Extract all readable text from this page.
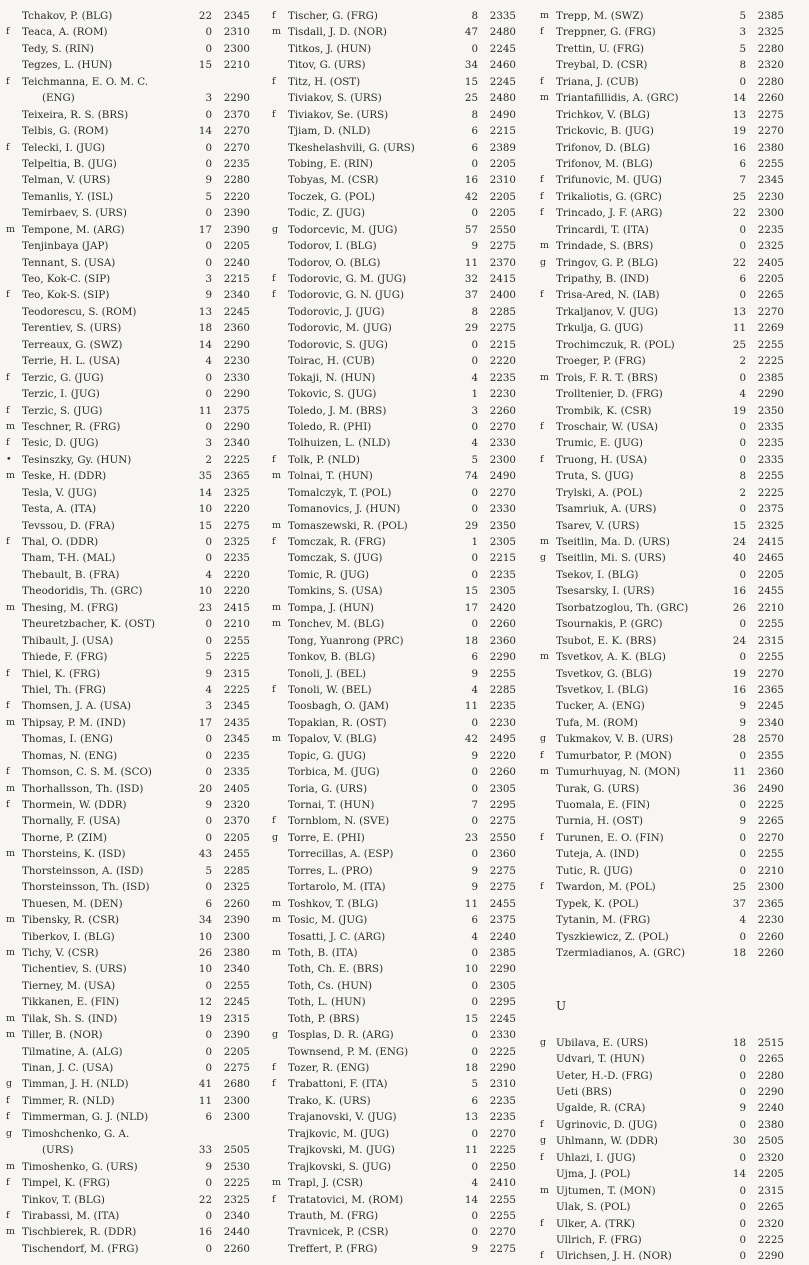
Tchakov, P. (BLG)	22	2345
f	Teaca, A. (ROM)	0	2310
Tedy, S. (RIN)	0	2300
Tegzes, L. (HUN)	15	2210
f	Teichmanna, E. O. M. C.
(ENG)	3	2290
Teixeira, R. S. (BRS)	0	2370
Telbis, G. (ROM)	14	2270
f	Telecki, I. (JUG)	0	2270
Telpeltia, B. (JUG)	0	2235
Telman, V. (URS)	9	2280
Temanlis, Y. (ISL)	5	2220
Temirbaev, S. (URS)	0	2390
m Tempone, M. (ARG)	17	2390
Tenjinbaya (JAP)	0	2205
Tennant, S. (USA)	0	2240
Teo, Kok-C. (SIP)	3	2215
f	Teo, Kok-S. (SIP)	9	2340
Teodorescu, S. (ROM)	13	2245
Terentiev, S. (URS)	18	2360
Terreaux, G. (SWZ)	14	2290
Terrie, H. L. (USA)	4	2230
f	Terzic, G. (JUG)	0	2330
Terzic, I. (JUG)	0	2290
f	Terzic, S. (JUG)	11	2375
m Teschner, R. (FRG)	0	2290
f	Tesic, D. (JUG)	3	2340
•	Tesinszky, Gy. (HUN)	2	2225
m Teske, H. (DDR)	35	2365
Tesla, V. (JUG)	14	2325
Testa, A. (ITA)	10	2220
Tevssou, D. (FRA)	15	2275
f	Thal, O. (DDR)	0	2325
Tham, T-H. (MAL)	0	2235
Thebault, B. (FRA)	4	2220
Theodoridis, Th. (GRC)	10	2220
m Thesing, M. (FRG)	23	2415
Theuretzbacher, K. (OST)	0	2210
Thibault, J. (USA)	0	2255
Thiede, F. (FRG)	5	2225
f	Thiel, K. (FRG)	9	2315
Thiel, Th. (FRG)	4	2225
f	Thomsen, J. A. (USA)	3	2345
m Thipsay, P. M. (IND)	17	2435
Thomas, I. (ENG)	0	2345
Thomas, N. (ENG)	0	2235
f	Thomson, C. S. M. (SCO)	0	2335
m Thorhallsson, Th. (ISD)	20	2405
f	Thormein, W. (DDR)	9	2320
Thornally, F. (USA)	0	2370
Thorne, P. (ZIM)	0	2205
m Thorsteins, K. (ISD)	43	2455
Thorsteinsson, A. (ISD)	5	2285
Thorsteinsson, Th. (ISD)	0	2325
Thuesen, M. (DEN)	6	2260
m Tibensky, R. (CSR)	34	2390
Tiberkov, I. (BLG)	10	2300
m Tichy, V. (CSR)	26	2380
Tichentiev, S. (URS)	10	2340
Tierney, M. (USA)	0	2255
Tikkanen, E. (FIN)	12	2245
m Tilak, Sh. S. (IND)	19	2315
m Tiller, B. (NOR)	0	2390
Tilmatine, A. (ALG)	0	2205
Tinan, J. C. (USA)	0	2275
g Timman, J. H. (NLD)	41	2680
f	Timmer, R. (NLD)	11	2300
f	Timmerman, G. J. (NLD)	6	2300
g Timoshchenko, G. A.
(URS)	33	2505
m Timoshenko, G. (URS)	9	2530
f	Timpel, K. (FRG)	0	2225
Tinkov, T. (BLG)	22	2325
f	Tirabassi, M. (ITA)	0	2340
m Tischbierek, R. (DDR)	16	2440
Tischendorf, M. (FRG)	0	2260
f	Tischer, G. (FRG)	8	2335
m Tisdall, J. D. (NOR)	47	2480
Titkos, J. (HUN)	0	2245
Titov, G. (URS)	34	2460
f	Titz, H. (OST)	15	2245
Tiviakov, S. (URS)	25	2480
f	Tiviakov, Se. (URS)	8	2490
Tjiam, D. (NLD)	6	2215
Tkeshelashvili, G. (URS)	6	2389
Tobing, E. (RIN)	0	2205
Tobyas, M. (CSR)	16	2310
Toczek, G. (POL)	42	2205
Todic, Z. (JUG)	0	2205
g Todorcevic, M. (JUG)	57	2550
Todorov, I. (BLG)	9	2275
Todorov, O. (BLG)	11	2370
f	Todorovic, G. M. (JUG)	32	2415
f	Todorovic, G. N. (JUG)	37	2400
Todorovic, J. (JUG)	8	2285
Todorovic, M. (JUG)	29	2275
Todorovic, S. (JUG)	0	2215
Toirac, H. (CUB)	0	2220
Tokaji, N. (HUN)	4	2235
Tokovic, S. (JUG)	1	2230
Toledo, J. M. (BRS)	3	2260
Toledo, R. (PHI)	0	2270
Tolhuizen, L. (NLD)	4	2330
f	Tolk, P. (NLD)	5	2300
m Tolnai, T. (HUN)	74	2490
Tomalczyk, T. (POL)	0	2270
Tomanovics, J. (HUN)	0	2330
m Tomaszewski, R. (POL)	29	2350
f	Tomczak, R. (FRG)	1	2305
Tomczak, S. (JUG)	0	2215
Tomic, R. (JUG)	0	2235
Tomkins, S. (USA)	15	2305
m Tompa, J. (HUN)	17	2420
m Tonchev, M. (BLG)	0	2260
Tong, Yuanrong (PRC)	18	2360
Tonkov, B. (BLG)	6	2290
Tonoli, J. (BEL)	9	2255
f	Tonoli, W. (BEL)	4	2285
Toosbagh, O. (JAM)	11	2235
Topakian, R. (OST)	0	2230
m Topalov, V. (BLG)	42	2495
Topic, G. (JUG)	9	2220
Torbica, M. (JUG)	0	2260
Toria, G. (URS)	0	2305
Tornai, T. (HUN)	7	2295
f	Tornblom, N. (SVE)	0	2275
g Torre, E. (PHI)	23	2550
Torrecillas, A. (ESP)	0	2360
Torres, L. (PRO)	9	2275
Tortarolo, M. (ITA)	9	2275
m Toshkov, T. (BLG)	11	2455
m Tosic, M. (JUG)	6	2375
Tosatti, J. C. (ARG)	4	2240
m Toth, B. (ITA)	0	2385
Toth, Ch. E. (BRS)	10	2290
Toth, Cs. (HUN)	0	2305
Toth, L. (HUN)	0	2295
Toth, P. (BRS)	15	2245
g Tosplas, D. R. (ARG)	0	2330
Townsend, P. M. (ENG)	0	2225
f	Tozer, R. (ENG)	18	2290
f	Trabattoni, F. (ITA)	5	2310
Trako, K. (URS)	6	2235
Trajanovski, V. (JUG)	13	2235
Trajkovic, M. (JUG)	0	2270
Trajkovski, M. (JUG)	11	2225
Trajkovski, S. (JUG)	0	2250
m Trapl, J. (CSR)	4	2410
f	Tratatovici, M. (ROM)	14	2255
Trauth, M. (FRG)	0	2255
Travnicek, P. (CSR)	0	2270
Treffert, P. (FRG)	9	2275
m Trepp, M. (SWZ)	5	2385
f	Treppner, G. (FRG)	3	2325
Trettin, U. (FRG)	5	2280
Treybal, D. (CSR)	8	2320
f	Triana, J. (CUB)	0	2280
m Triantafillidis, A. (GRC)	14	2260
Trichkov, V. (BLG)	13	2275
Trickovic, B. (JUG)	19	2270
Trifonov, D. (BLG)	16	2380
Trifonov, M. (BLG)	6	2255
f	Trifunovic, M. (JUG)	7	2345
f	Trikaliotis, G. (GRC)	25	2230
f	Trincado, J. F. (ARG)	22	2300
Trincardi, T. (ITA)	0	2235
m Trindade, S. (BRS)	0	2325
g Tringov, G. P. (BLG)	22	2405
Tripathy, B. (IND)	6	2205
f	Trisa-Ared, N. (IAB)	0	2265
Trkaljanov, V. (JUG)	13	2270
Trkulja, G. (JUG)	11	2269
Trochimczuk, R. (POL)	25	2255
Troeger, P. (FRG)	2	2225
m Trois, F. R. T. (BRS)	0	2385
Trolltenier, D. (FRG)	4	2290
Trombik, K. (CSR)	19	2350
f	Troschair, W. (USA)	0	2335
Trumic, E. (JUG)	0	2235
f	Truong, H. (USA)	0	2335
Truta, S. (JUG)	8	2255
Trylski, A. (POL)	2	2225
Tsamriuk, A. (URS)	0	2375
Tsarev, V. (URS)	15	2325
m Tseitlin, Ma. D. (URS)	24	2415
g Tseitlin, Mi. S. (URS)	40	2465
Tsekov, I. (BLG)	0	2205
Tsesarsky, I. (URS)	16	2455
Tsorbatzoglou, Th. (GRC)	26	2210
Tsournakis, P. (GRC)	0	2255
Tsubot, E. K. (BRS)	24	2315
m Tsvetkov, A. K. (BLG)	0	2255
Tsvetkov, G. (BLG)	19	2270
Tsvetkov, I. (BLG)	16	2365
Tucker, A. (ENG)	9	2245
Tufa, M. (ROM)	9	2340
g Tukmakov, V. B. (URS)	28	2570
f	Tumurbator, P. (MON)	0	2355
m Tumurhuyag, N. (MON)	11	2360
Turak, G. (URS)	36	2490
Tuomala, E. (FIN)	0	2225
Turnia, H. (OST)	9	2265
f	Turunen, E. O. (FIN)	0	2270
Tuteja, A. (IND)	0	2255
Tutic, R. (JUG)	0	2210
f	Twardon, M. (POL)	25	2300
Typek, K. (POL)	37	2365
Tytanin, M. (FRG)	4	2230
Tyszkiewicz, Z. (POL)	0	2260
Tzermiadianos, A. (GRC)	18	2260
U
g Ubilava, E. (URS)	18	2515
Udvari, T. (HUN)	0	2265
Ueter, H.-D. (FRG)	0	2280
Ueti (BRS)	0	2290
Ugalde, R. (CRA)	9	2240
f	Ugrinovic, D. (JUG)	0	2380
g Uhlmann, W. (DDR)	30	2505
f	Uhlazi, I. (JUG)	0	2320
Ujma, J. (POL)	14	2205
m Ujtumen, T. (MON)	0	2315
Ulak, S. (POL)	0	2265
f	Ulker, A. (TRK)	0	2320
Ullrich, F. (FRG)	0	2225
f	Ulrichsen, J. H. (NOR)	0	2290
